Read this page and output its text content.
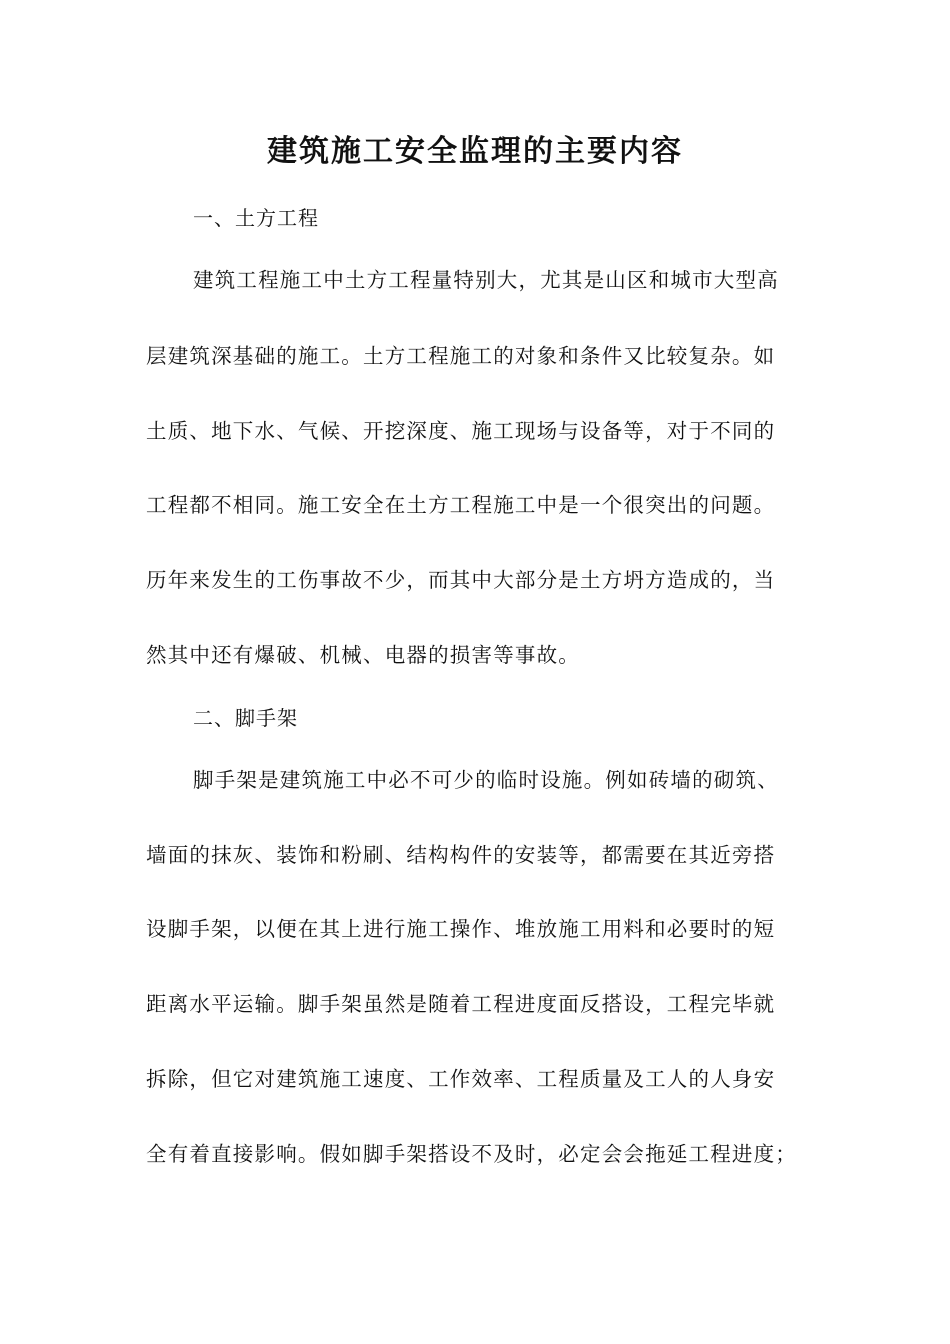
建筑施工安全监理的主要内容
一、土方工程
建筑工程施工中土方工程量特别大，尤其是山区和城市大型高
层建筑深基础的施工。土方工程施工的对象和条件又比较复杂。如
土质、地下水、气候、开挖深度、施工现场与设备等，对于不同的
工程都不相同。施工安全在土方工程施工中是一个很突出的问题。
历年来发生的工伤事故不少，而其中大部分是土方坍方造成的，当
然其中还有爆破、机械、电器的损害等事故。
二、脚手架
脚手架是建筑施工中必不可少的临时设施。例如砖墙的砌筑、
墙面的抹灰、装饰和粉刷、结构构件的安装等，都需要在其近旁搭
设脚手架，以便在其上进行施工操作、堆放施工用料和必要时的短
距离水平运输。脚手架虽然是随着工程进度面反搭设，工程完毕就
拆除，但它对建筑施工速度、工作效率、工程质量及工人的人身安
全有着直接影响。假如脚手架搭设不及时，必定会会拖延工程进度；
